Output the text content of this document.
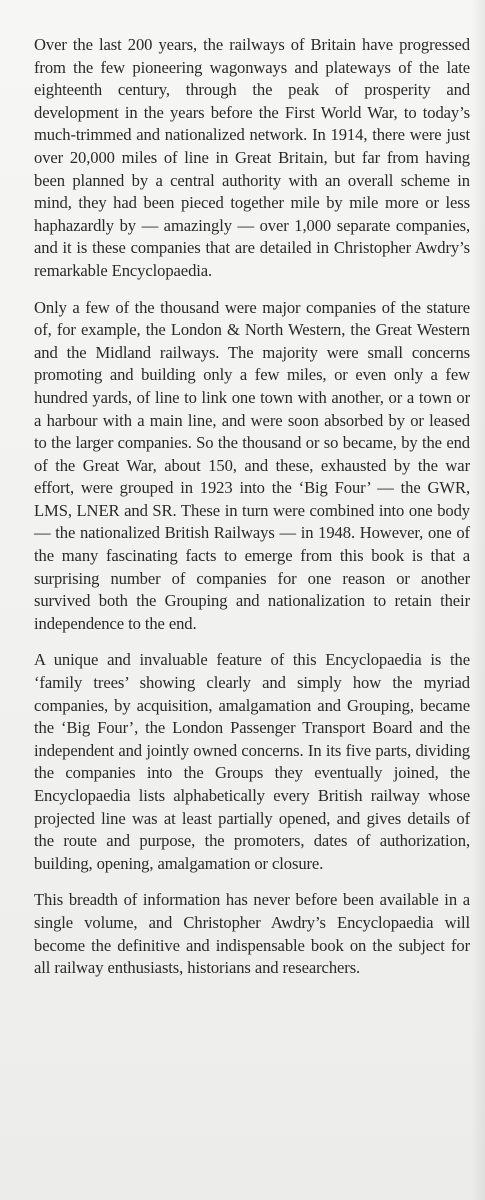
Over the last 200 years, the railways of Britain have progressed from the few pioneering wagonways and plateways of the late eighteenth century, through the peak of prosperity and development in the years before the First World War, to today’s much-trimmed and nationalized network. In 1914, there were just over 20,000 miles of line in Great Britain, but far from having been planned by a central authority with an overall scheme in mind, they had been pieced together mile by mile more or less haphazardly by — amazingly — over 1,000 separate companies, and it is these companies that are detailed in Christopher Awdry’s remarkable Encyclopaedia.

Only a few of the thousand were major companies of the stature of, for example, the London & North Western, the Great Western and the Midland railways. The majority were small concerns promoting and building only a few miles, or even only a few hundred yards, of line to link one town with another, or a town or a harbour with a main line, and were soon absorbed by or leased to the larger companies. So the thousand or so became, by the end of the Great War, about 150, and these, exhausted by the war effort, were grouped in 1923 into the ‘Big Four’ — the GWR, LMS, LNER and SR. These in turn were combined into one body — the nationalized British Railways — in 1948. However, one of the many fascinating facts to emerge from this book is that a surprising number of companies for one reason or another survived both the Grouping and nationalization to retain their independence to the end.

A unique and invaluable feature of this Encyclopaedia is the ‘family trees’ showing clearly and simply how the myriad companies, by acquisition, amalgamation and Grouping, became the ‘Big Four’, the London Passenger Transport Board and the independent and jointly owned concerns. In its five parts, dividing the companies into the Groups they eventually joined, the Encyclopaedia lists alphabetically every British railway whose projected line was at least partially opened, and gives details of the route and purpose, the promoters, dates of authorization, building, opening, amalgamation or closure.

This breadth of information has never before been available in a single volume, and Christopher Awdry’s Encyclopaedia will become the definitive and indispensable book on the subject for all railway enthusiasts, historians and researchers.
